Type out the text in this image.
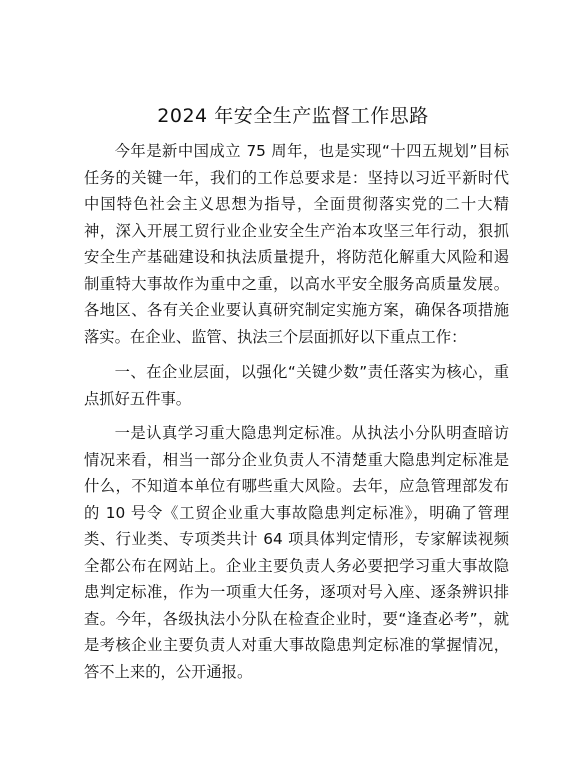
2024 年安全生产监督工作思路

今年是新中国成立 75 周年，也是实现“十四五规划”目标任务的关键一年，我们的工作总要求是：坚持以习近平新时代中国特色社会主义思想为指导，全面贯彻落实党的二十大精神，深入开展工贸行业企业安全生产治本攻坚三年行动，狠抓安全生产基础建设和执法质量提升，将防范化解重大风险和遏制重特大事故作为重中之重，以高水平安全服务高质量发展。各地区、各有关企业要认真研究制定实施方案，确保各项措施落实。在企业、监管、执法三个层面抓好以下重点工作：

一、在企业层面，以强化“关键少数”责任落实为核心，重点抓好五件事。

一是认真学习重大隐患判定标准。从执法小分队明查暗访情况来看，相当一部分企业负责人不清楚重大隐患判定标准是什么，不知道本单位有哪些重大风险。去年，应急管理部发布的 10 号令《工贸企业重大事故隐患判定标准》，明确了管理类、行业类、专项类共计 64 项具体判定情形，专家解读视频全都公布在网站上。企业主要负责人务必要把学习重大事故隐患判定标准，作为一项重大任务，逐项对号入座、逐条辨识排查。今年，各级执法小分队在检查企业时，要“逢查必考”，就是考核企业主要负责人对重大事故隐患判定标准的掌握情况，答不上来的，公开通报。
